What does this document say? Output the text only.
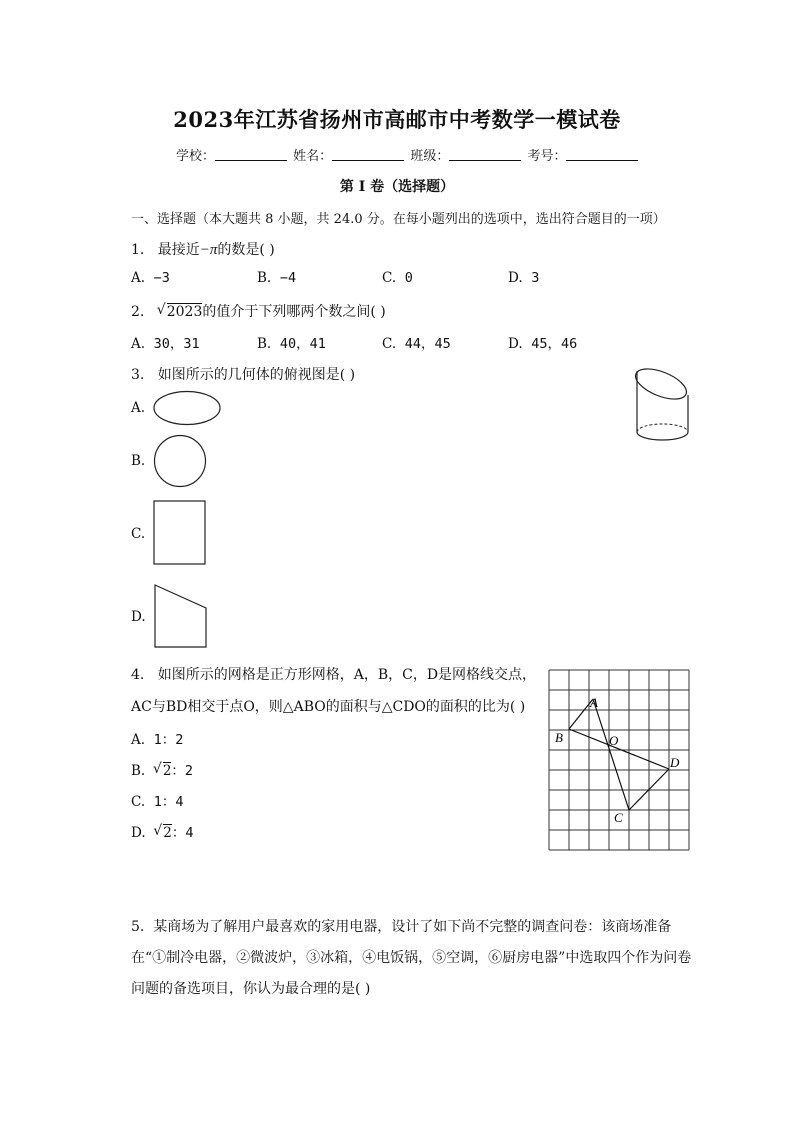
2023年江苏省扬州市高邮市中考数学一模试卷
学校：	姓名：	班级：	考号：
第 I 卷（选择题）
一、选择题（本大题共 8 小题，共 24.0 分。在每小题列出的选项中，选出符合题目的一项）
1. 最接近−π的数是( )
A. −3	B. −4	C. 0	D. 3
2. √ 2023的值介于下列哪两个数之间( )
A. 30，31	B. 40，41	C. 44，45	D. 45，46
3. 如图所示的几何体的俯视图是( )
A.
B.
C.
D.
4. 如图所示的网格是正方形网格，A，B，C，D是网格线交点，
AC与BD相交于点O，则△ABO的面积与△CDO的面积的比为( )
A. 1：2
B. √ 2：2
C. 1：4
D. √ 2：4
A
B	O
D
C
5. 某商场为了解用户最喜欢的家用电器，设计了如下尚不完整的调查问卷：该商场准备在“①制冷电器，②微波炉，③冰箱，④电饭锅，⑤空调，⑥厨房电器”中选取四个作为问卷问题的备选项目，你认为最合理的是( )
